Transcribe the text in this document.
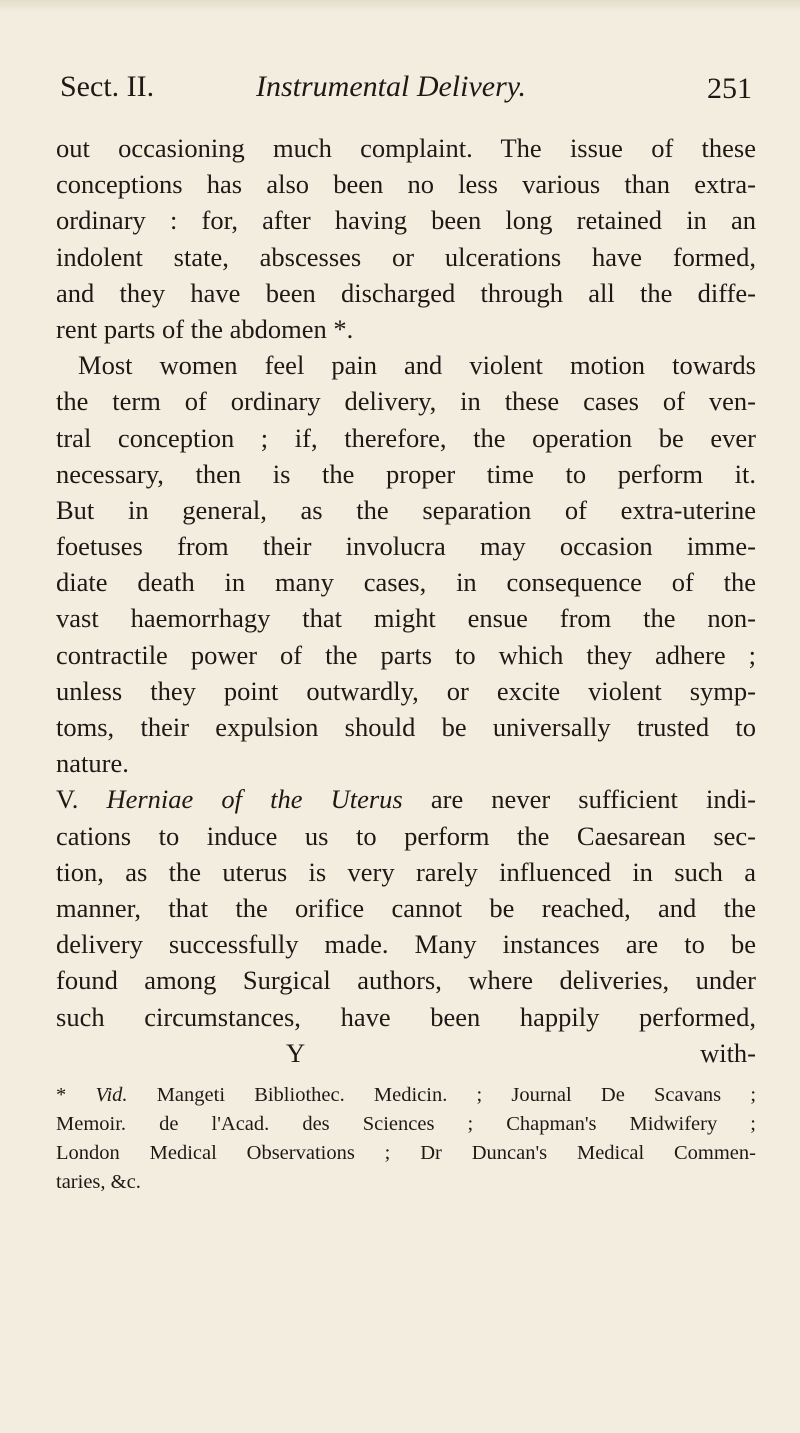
Sect. II.	Instrumental Delivery.	251
out occasioning much complaint. The issue of these
conceptions has also been no less various than extra-
ordinary : for, after having been long retained in an
indolent state, abscesses or ulcerations have formed,
and they have been discharged through all the diffe-
rent parts of the abdomen *.
Most women feel pain and violent motion towards
the term of ordinary delivery, in these cases of ven-
tral conception ; if, therefore, the operation be ever
necessary, then is the proper time to perform it.
But in general, as the separation of extra-uterine
foetuses from their involucra may occasion imme-
diate death in many cases, in consequence of the
vast haemorrhagy that might ensue from the non-
contractile power of the parts to which they adhere ;
unless they point outwardly, or excite violent symp-
toms, their expulsion should be universally trusted to
nature.
V. Herniae of the Uterus are never sufficient indi-
cations to induce us to perform the Caesarean sec-
tion, as the uterus is very rarely influenced in such a
manner, that the orifice cannot be reached, and the
delivery successfully made. Many instances are to be
found among Surgical authors, where deliveries, under
such circumstances, have been happily performed,
Y	with-
* Vid. Mangeti Bibliothec. Medicin. ; Journal De Scavans ;
Memoir. de l'Acad. des Sciences ; Chapman's Midwifery ;
London Medical Observations ; Dr Duncan's Medical Commen-
taries, &c.
